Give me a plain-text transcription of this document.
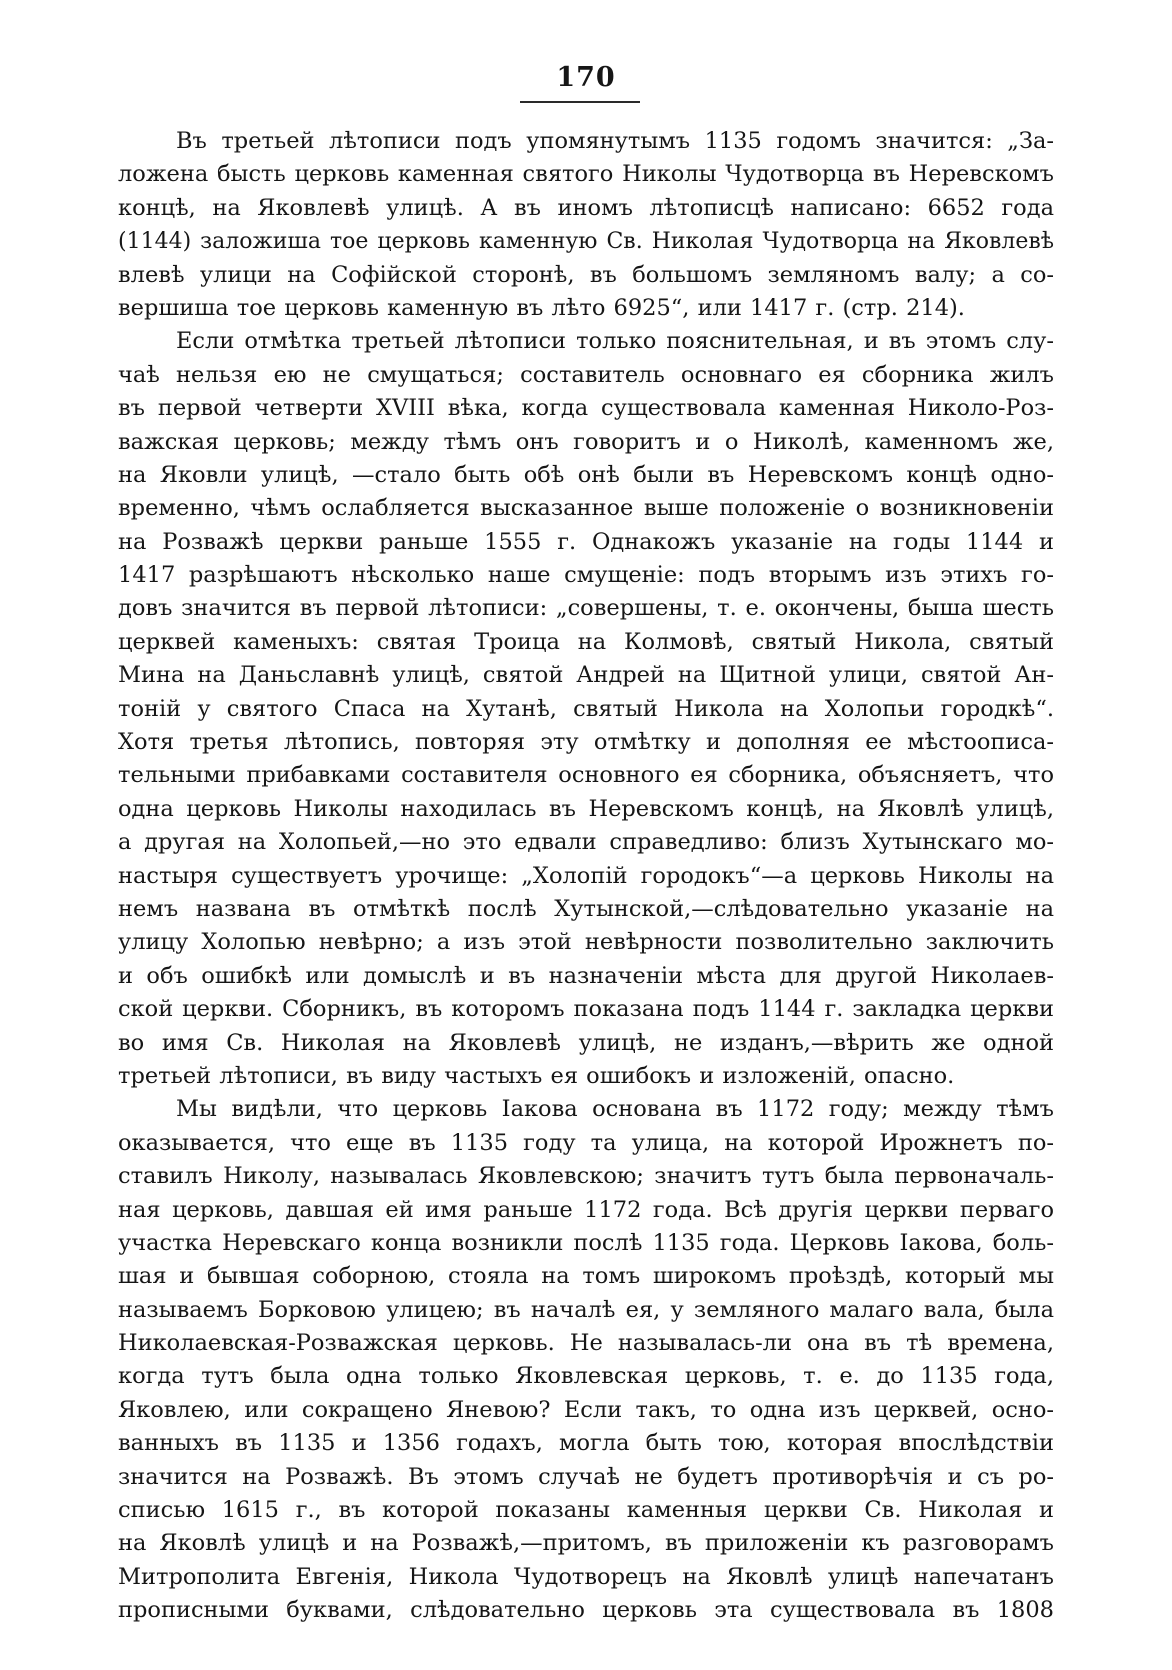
170
Въ третьей лѣтописи подъ упомянутымъ 1135 годомъ значится: „За-
ложена бысть церковь каменная святого Николы Чудотворца въ Неревскомъ
концѣ, на Яковлевѣ улицѣ. А въ иномъ лѣтописцѣ написано: 6652 года
(1144) заложиша тое церковь каменную Св. Николая Чудотворца на Яковлевѣ
влевѣ улици на Софійской сторонѣ, въ большомъ земляномъ валу; а со-
вершиша тое церковь каменную въ лѣто 6925“, или 1417 г. (стр. 214).
Если отмѣтка третьей лѣтописи только пояснительная, и въ этомъ слу-
чаѣ нельзя ею не смущаться; составитель основнаго ея сборника жилъ
въ первой четверти XVIII вѣка, когда существовала каменная Николо-Роз-
важская церковь; между тѣмъ онъ говоритъ и о Николѣ, каменномъ же,
на Яковли улицѣ, —стало быть обѣ онѣ были въ Неревскомъ концѣ одно-
временно, чѣмъ ослабляется высказанное выше положеніе о возникновеніи
на Розважѣ церкви раньше 1555 г. Однакожъ указаніе на годы 1144 и
1417 разрѣшаютъ нѣсколько наше смущеніе: подъ вторымъ изъ этихъ го-
довъ значится въ первой лѣтописи: „совершены, т. е. окончены, быша шесть
церквей каменыхъ: святая Троица на Колмовѣ, святый Никола, святый
Мина на Даньславнѣ улицѣ, святой Андрей на Щитной улици, святой Ан-
тоній у святого Спаса на Хутанѣ, святый Никола на Холопьи городкѣ“.
Хотя третья лѣтопись, повторяя эту отмѣтку и дополняя ее мѣстоописа-
тельными прибавками составителя основного ея сборника, объясняетъ, что
одна церковь Николы находилась въ Неревскомъ концѣ, на Яковлѣ улицѣ,
а другая на Холопьей,—но это едвали справедливо: близъ Хутынскаго мо-
настыря существуетъ урочище: „Холопій городокъ“—а церковь Николы на
немъ названа въ отмѣткѣ послѣ Хутынской,—слѣдовательно указаніе на
улицу Холопью невѣрно; а изъ этой невѣрности позволительно заключить
и объ ошибкѣ или домыслѣ и въ назначеніи мѣста для другой Николаев-
ской церкви. Сборникъ, въ которомъ показана подъ 1144 г. закладка церкви
во имя Св. Николая на Яковлевѣ улицѣ, не изданъ,—вѣрить же одной
третьей лѣтописи, въ виду частыхъ ея ошибокъ и изложеній, опасно.
Мы видѣли, что церковь Іакова основана въ 1172 году; между тѣмъ
оказывается, что еще въ 1135 году та улица, на которой Ирожнетъ по-
ставилъ Николу, называлась Яковлевскою; значитъ тутъ была первоначаль-
ная церковь, давшая ей имя раньше 1172 года. Всѣ другія церкви перваго
участка Неревскаго конца возникли послѣ 1135 года. Церковь Іакова, боль-
шая и бывшая соборною, стояла на томъ широкомъ проѣздѣ, который мы
называемъ Борковою улицею; въ началѣ ея, у земляного малаго вала, была
Николаевская-Розважская церковь. Не называлась-ли она въ тѣ времена,
когда тутъ была одна только Яковлевская церковь, т. е. до 1135 года,
Яковлею, или сокращено Яневою? Если такъ, то одна изъ церквей, осно-
ванныхъ въ 1135 и 1356 годахъ, могла быть тою, которая впослѣдствіи
значится на Розважѣ. Въ этомъ случаѣ не будетъ противорѣчія и съ ро-
списью 1615 г., въ которой показаны каменныя церкви Св. Николая и
на Яковлѣ улицѣ и на Розважѣ,—притомъ, въ приложеніи къ разговорамъ
Митрополита Евгенія, Никола Чудотворецъ на Яковлѣ улицѣ напечатанъ
прописными буквами, слѣдовательно церковь эта существовала въ 1808
